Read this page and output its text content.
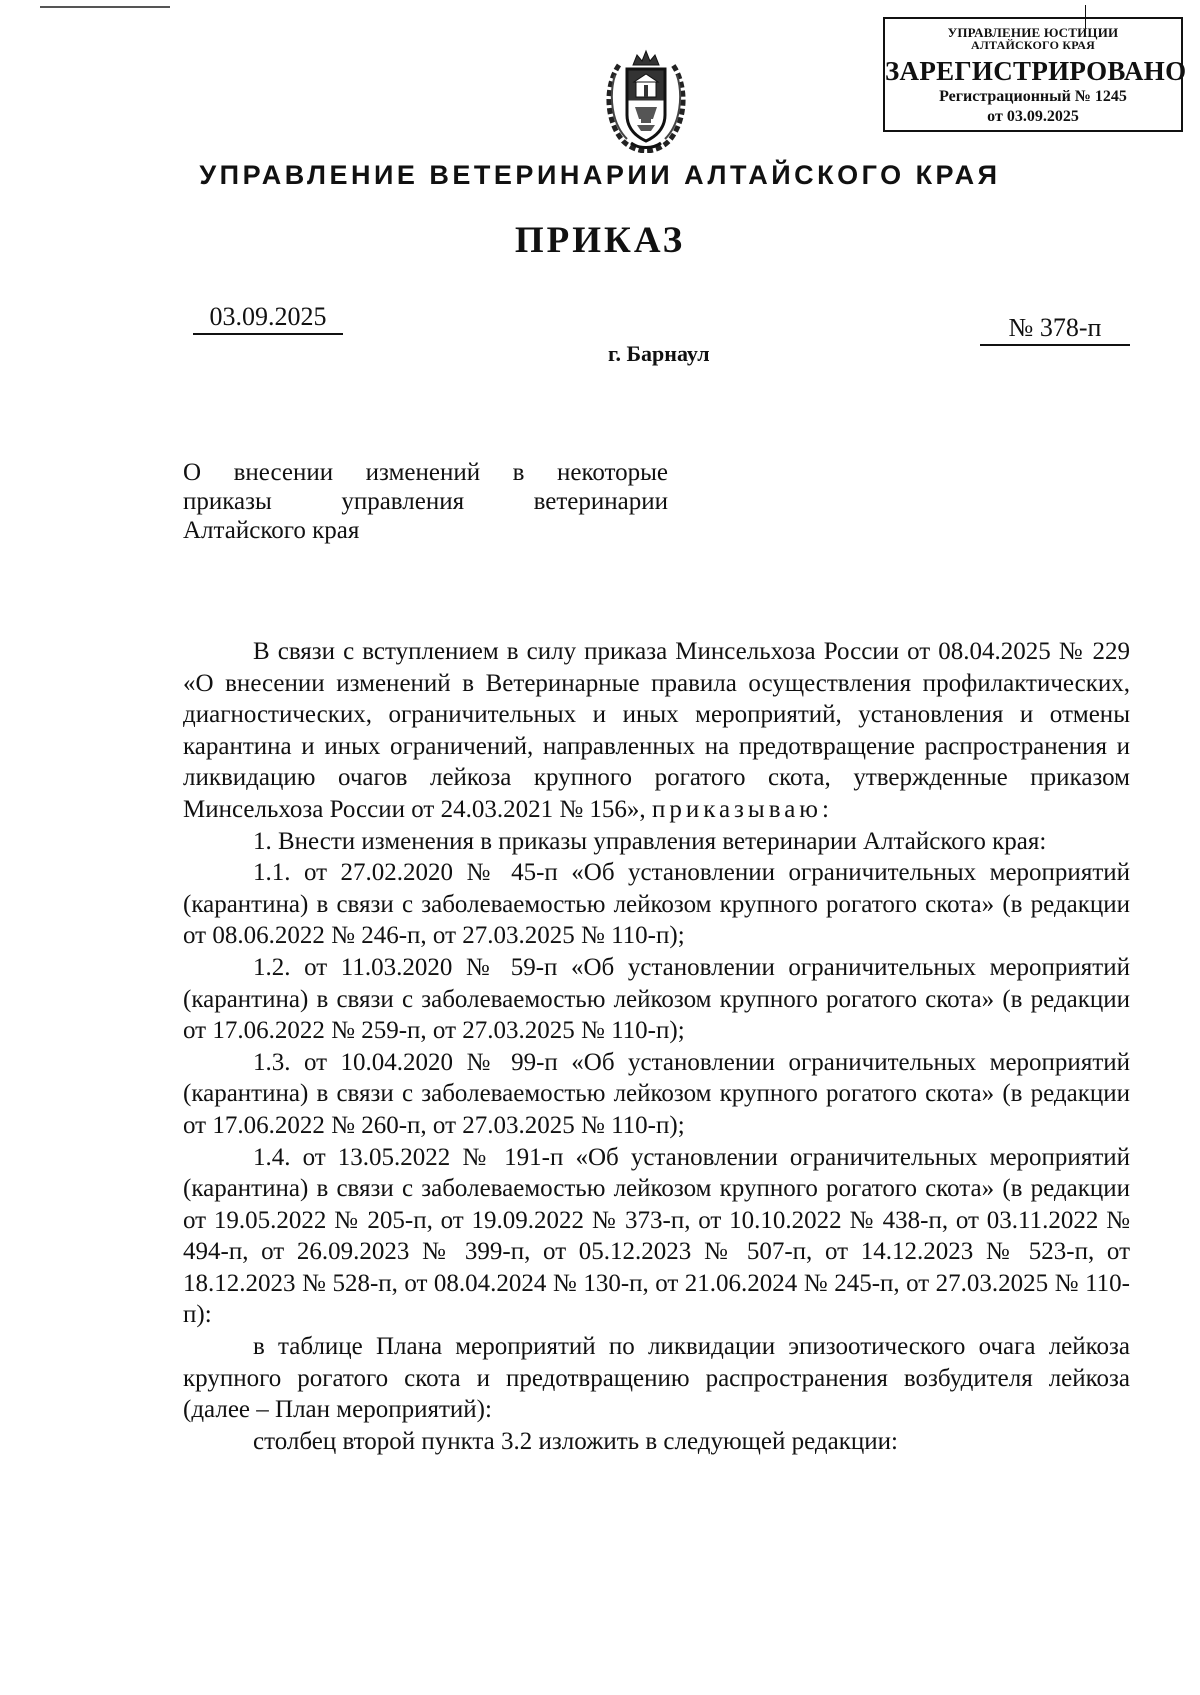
УПРАВЛЕНИЕ ЮСТИЦИИ
АЛТАЙСКОГО КРАЯ
ЗАРЕГИСТРИРОВАНО
Регистрационный № 1245
от 03.09.2025
УПРАВЛЕНИЕ ВЕТЕРИНАРИИ АЛТАЙСКОГО КРАЯ
ПРИКАЗ
03.09.2025	№ 378-п
г. Барнаул
О внесении изменений в некоторые
приказы	управления	ветеринарии
Алтайского края

В связи с вступлением в силу приказа Минсельхоза России от 08.04.2025 № 229 «О внесении изменений в Ветеринарные правила осуществления профилактических, диагностических, ограничительных и иных мероприятий, установления и отмены карантина и иных ограничений, направленных на предотвращение распространения и ликвидацию очагов лейкоза крупного рогатого скота, утвержденные приказом Минсельхоза России от 24.03.2021 № 156», приказываю:

1. Внести изменения в приказы управления ветеринарии Алтайского края:

1.1. от 27.02.2020 № 45-п «Об установлении ограничительных мероприятий (карантина) в связи с заболеваемостью лейкозом крупного рогатого скота» (в редакции от 08.06.2022 № 246-п, от 27.03.2025 № 110-п);

1.2. от 11.03.2020 № 59-п «Об установлении ограничительных мероприятий (карантина) в связи с заболеваемостью лейкозом крупного рогатого скота» (в редакции от 17.06.2022 № 259-п, от 27.03.2025 № 110-п);

1.3. от 10.04.2020 № 99-п «Об установлении ограничительных мероприятий (карантина) в связи с заболеваемостью лейкозом крупного рогатого скота» (в редакции от 17.06.2022 № 260-п, от 27.03.2025 № 110-п);

1.4. от 13.05.2022 № 191-п «Об установлении ограничительных мероприятий (карантина) в связи с заболеваемостью лейкозом крупного рогатого скота» (в редакции от 19.05.2022 № 205-п, от 19.09.2022 № 373-п, от 10.10.2022 № 438-п, от 03.11.2022 № 494-п, от 26.09.2023 № 399-п, от 05.12.2023 № 507-п, от 14.12.2023 № 523-п, от 18.12.2023 № 528-п, от 08.04.2024 № 130-п, от 21.06.2024 № 245-п, от 27.03.2025 № 110-п):

в таблице Плана мероприятий по ликвидации эпизоотического очага лейкоза крупного рогатого скота и предотвращению распространения возбудителя лейкоза (далее – План мероприятий):

столбец второй пункта 3.2 изложить в следующей редакции:
